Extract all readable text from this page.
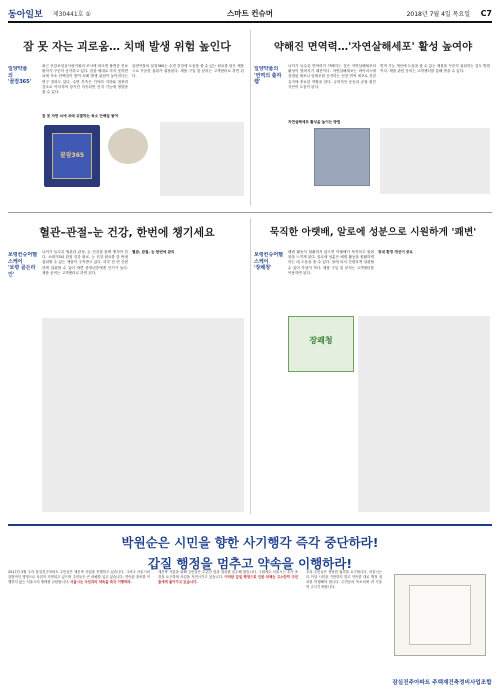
동아일보 제30441호 ①	스마트 컨슈머	2018년 7월 4일 목요일 C7
잠 못 자는 괴로움… 치매 발생 위험 높인다
일양약품의
'꿀잠365'
최근 건강보험심사평가원의 조사에 따르면 불면증 진료 환자가 꾸준히 증가하고 있다. 잠을 제대로 자지 못하면 뇌에 독소 단백질이 쌓여 치매 발생 위험이 높아진다는 연구 결과도 있다. 수면 부족은 기억력 저하와 집중력 감소로 이어지며 장기간 지속되면 인지 기능에 영향을 줄 수 있다.
잠 못 자면 뇌에 치매 유발하는 독소 단백질 쌓여
일양약품의 꿀잠365는 수면 건강에 도움을 줄 수 있는 원료를 담은 제품으로 꾸준한 섭취가 권장된다. 제품 구입 및 문의는 고객센터로 하면 된다.
꿀잠365
약해진 면역력…'자연살해세포' 활성 높여야
일양약품의
'면역의 출하랩'
나이가 들수록 면역력이 약해지는 것은 자연살해세포의 활성이 떨어지기 때문이다. 자연살해세포는 바이러스에 감염된 세포나 암세포를 공격하는 선천 면역 세포로 건강 유지에 중요한 역할을 한다. 규칙적인 운동과 균형 잡힌 식단이 도움이 된다.
자연살해세포 활성을 높이는 방법
면역 기능 개선에 도움을 줄 수 있는 제품을 꾸준히 섭취하는 것도 방법이다. 제품 관련 문의는 고객센터를 통해 받을 수 있다.
혈관–관절–눈 건강, 한번에 챙기세요
보령컨슈머헬스케어
'보령 골든라인'
나이가 들수록 혈관과 관절, 눈 건강을 함께 챙겨야 한다. 오메가3와 관절 건강 원료, 눈 건강 원료를 한 번에 섭취할 수 있는 제품이 주목받고 있다. 하루 한 번 간편하게 섭취할 수 있어 바쁜 중장년층에게 인기가 높다. 제품 문의는 고객센터로 하면 된다.
혈관, 관절, 눈 한번에 관리
묵직한 아랫배, 알로에 성분으로 시원하게 '쾌변'
보령컨슈머헬스케어
'장쾌청'
배변 활동이 원활하지 않으면 아랫배가 묵직하고 불편함을 느끼게 된다. 알로에 성분은 배변 활동을 원활하게 하는 데 도움을 줄 수 있다. 물에 타서 간편하게 섭취할 수 있어 부담이 적다. 제품 구입 및 문의는 고객센터를 이용하면 된다.
장내 환경 개선이 중요
장쾌청
박원순은 시민을 향한 사기행각 즉각 중단하라!
갑질 행정을 멈추고 약속을 이행하라!
2017년 3월 우리 잠실진주아파트 주민들은 재건축 사업을 진행하고 있습니다. 그러나 서울시의 일방적인 행정으로 사업이 지연되고 있으며 주민들은 큰 피해를 입고 있습니다. 약속된 절차를 이행하지 않는 서울시의 행태를 규탄합니다. 서울시는 주민과의 약속을 즉각 이행하라.
재건축 사업을 위해 주민들은 수년간 법과 절차를 준수해 왔습니다. 그럼에도 서울시는 추가 조건을 요구하며 사업을 지연시키고 있습니다. 이러한 갑질 행정으로 인한 피해는 고스란히 주민들에게 돌아가고 있습니다.
우리 주민들은 정당한 권리를 요구합니다. 서울시는 더 이상 시민을 기만하지 말고 약속한 대로 행정 절차를 이행해야 합니다. 주민들의 목소리에 귀 기울여 주시기 바랍니다.
잠실진주아파트 주택재건축정비사업조합
